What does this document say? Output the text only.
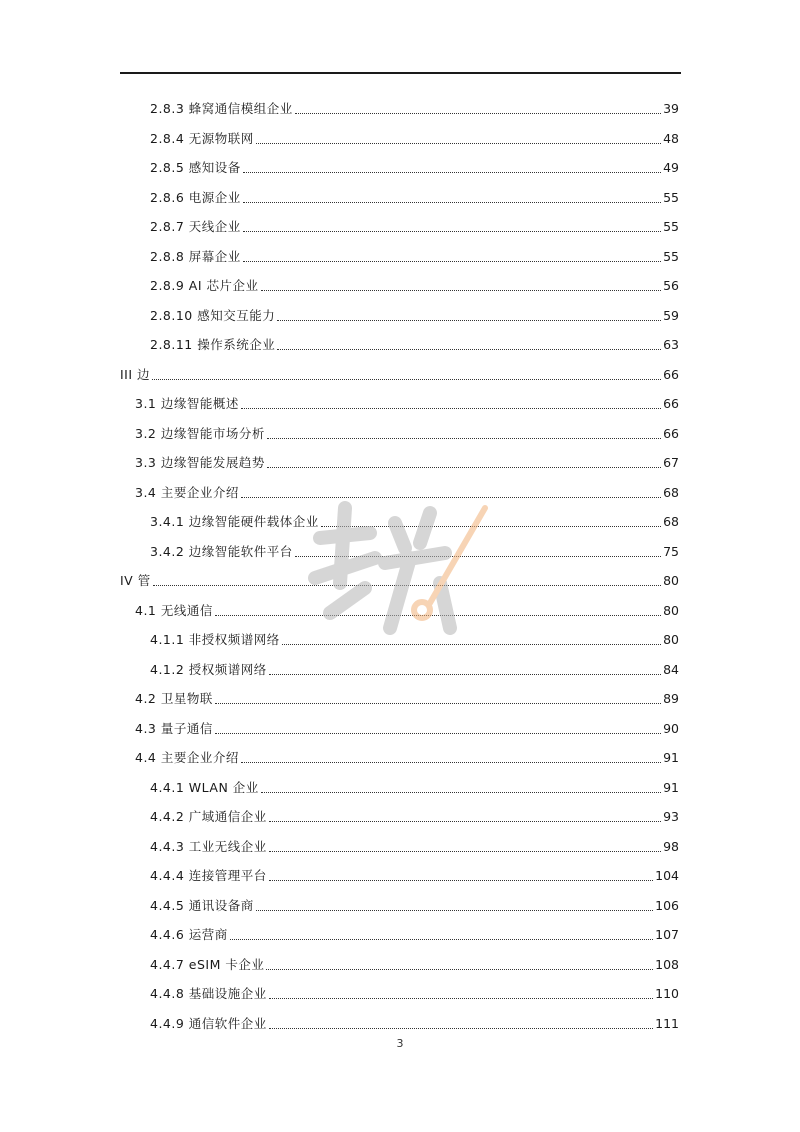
2.8.3 蜂窝通信模组企业	39
2.8.4 无源物联网	48
2.8.5 感知设备	49
2.8.6 电源企业	55
2.8.7 天线企业	55
2.8.8 屏幕企业	55
2.8.9 AI 芯片企业	56
2.8.10 感知交互能力	59
2.8.11 操作系统企业	63
III 边	66
3.1 边缘智能概述	66
3.2 边缘智能市场分析	66
3.3 边缘智能发展趋势	67
3.4 主要企业介绍	68
3.4.1 边缘智能硬件载体企业	68
3.4.2 边缘智能软件平台	75
IV 管	80
4.1 无线通信	80
4.1.1 非授权频谱网络	80
4.1.2 授权频谱网络	84
4.2 卫星物联	89
4.3 量子通信	90
4.4 主要企业介绍	91
4.4.1 WLAN 企业	91
4.4.2 广域通信企业	93
4.4.3 工业无线企业	98
4.4.4 连接管理平台	104
4.4.5 通讯设备商	106
4.4.6 运营商	107
4.4.7 eSIM 卡企业	108
4.4.8 基础设施企业	110
4.4.9 通信软件企业	111
3
